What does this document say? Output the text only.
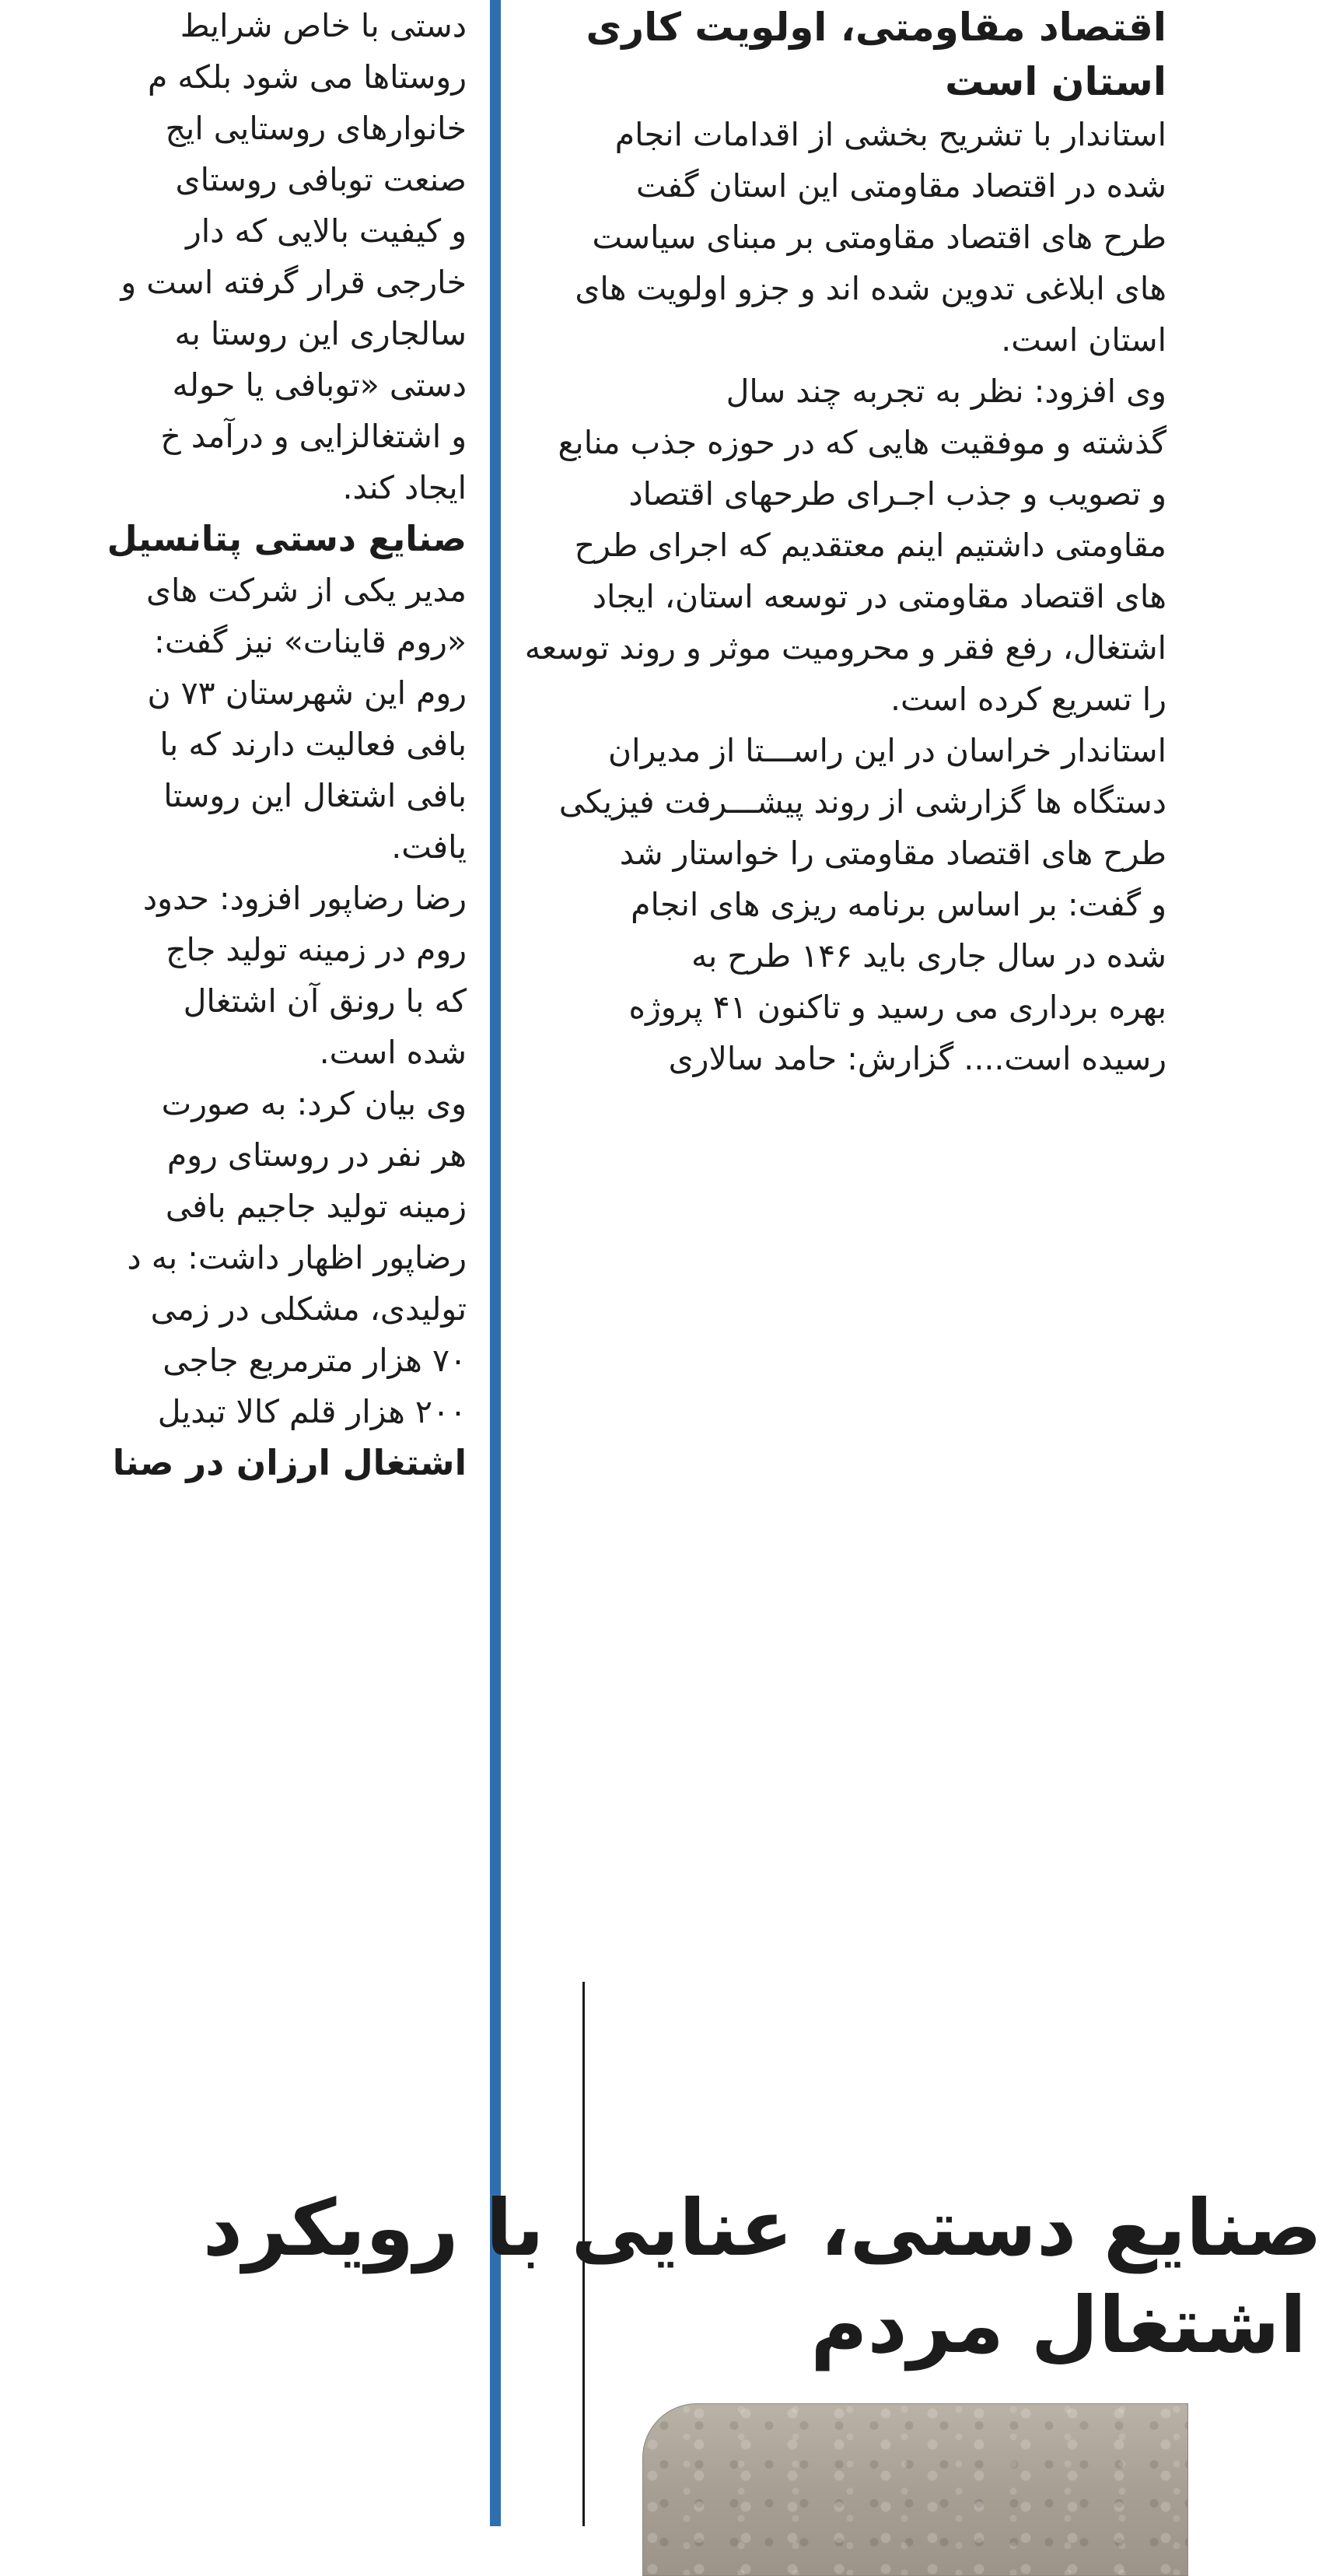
دستی با خاص شرایط
روستاها می شود بلکه م
خانوارهای روستایی ایج
صنعت توبافی روستای
و کیفیت بالایی که دار
خارجی قرار گرفته است و
سالجاری این روستا به
دستی «توبافی یا حوله
و اشتغالزایی و درآمد خ
ایجاد کند.
صنایع دستی پتانسیل
مدیر یکی از شرکت های
«روم قاینات» نیز گفت:
روم این شهرستان ۷۳ ن
بافی فعالیت دارند که با
بافی اشتغال این روستا
یافت.
رضا رضاپور افزود: حدود
روم در زمینه تولید جاج
که با رونق آن اشتغال
شده است.
وی بیان کرد: به صورت
هر نفر در روستای روم
زمینه تولید جاجیم بافی
رضاپور اظهار داشت: به د
تولیدی، مشکلی در زمی
۷۰ هزار مترمربع جاجی
۲۰۰ هزار قلم کالا تبدیل
اشتغال ارزان در صنا
اقتصاد مقاومتی، اولویت کاری
استان است
استاندار با تشریح بخشی از اقدامات انجام
شده در اقتصاد مقاومتی این استان گفت
طرح های اقتصاد مقاومتی بر مبنای سیاست
های ابلاغی تدوین شده اند و جزو اولویت های
استان است.
وی افزود: نظر به تجربه چند سال
گذشته و موفقیت هایی که در حوزه جذب منابع
و تصویب و جذب اجـرای طرحهای اقتصاد
مقاومتی داشتیم اینم معتقدیم که اجرای طرح
های اقتصاد مقاومتی در توسعه استان، ایجاد
اشتغال، رفع فقر و محرومیت موثر و روند توسعه
را تسریع کرده است.
استاندار خراسان در این راســـتا از مدیران
دستگاه ها گزارشی از روند پیشـــرفت فیزیکی
طرح های اقتصاد مقاومتی را خواستار شد
و گفت: بر اساس برنامه ریزی های انجام
شده در سال جاری باید ۱۴۶ طرح به
بهره برداری می رسید و تاکنون ۴۱ پروژه
رسیده است.... گزارش: حامد سالاری
صنایع دستی، عنایی با رویکرد
اشتغال مردم
